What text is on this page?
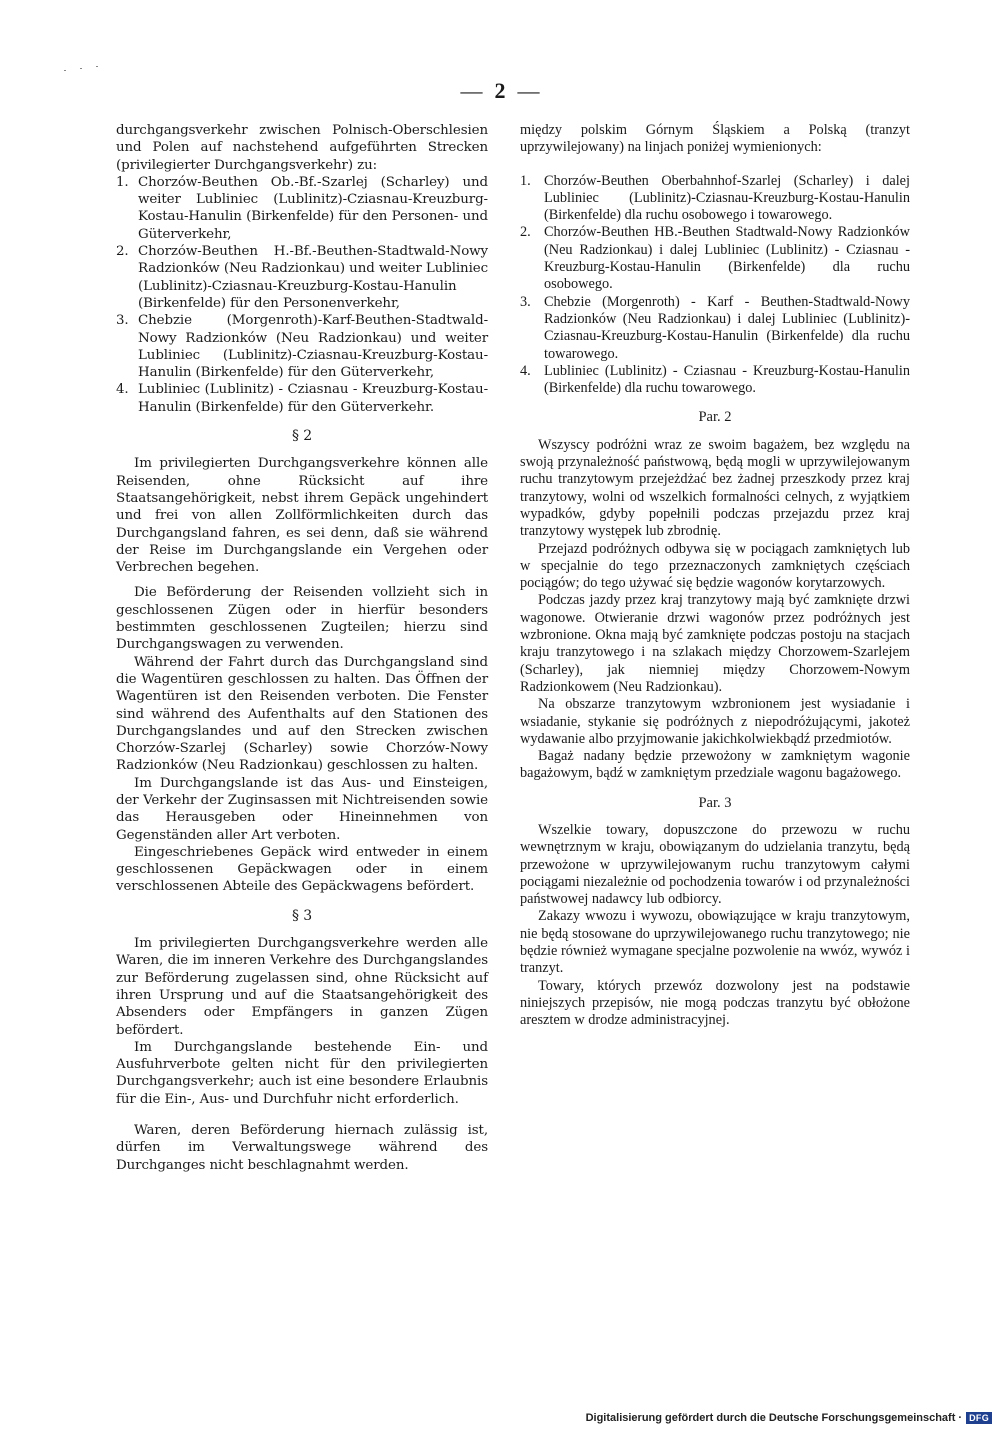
— 2 —

durchgangsverkehr zwischen Polnisch-Oberschlesien und Polen auf nachstehend aufgeführten Strecken (privilegierter Durchgangsverkehr) zu:

1. Chorzów-Beuthen Ob.-Bf.-Szarlej (Scharley) und weiter Lubliniec (Lublinitz)-Cziasnau-Kreuzburg-Kostau-Hanulin (Birkenfelde) für den Personen- und Güterverkehr,
2. Chorzów-Beuthen H.-Bf.-Beuthen-Stadtwald-Nowy Radzionków (Neu Radzionkau) und weiter Lubliniec (Lublinitz)-Cziasnau-Kreuzburg-Kostau-Hanulin (Birkenfelde) für den Personenverkehr,
3. Chebzie (Morgenroth)-Karf-Beuthen-Stadtwald-Nowy Radzionków (Neu Radzionkau) und weiter Lubliniec (Lublinitz)-Cziasnau-Kreuzburg-Kostau-Hanulin (Birkenfelde) für den Güterverkehr,
4. Lubliniec (Lublinitz) - Cziasnau - Kreuzburg-Kostau-Hanulin (Birkenfelde) für den Güterverkehr.
§ 2

Im privilegierten Durchgangsverkehre können alle Reisenden, ohne Rücksicht auf ihre Staatsangehörigkeit, nebst ihrem Gepäck ungehindert und frei von allen Zollförmlichkeiten durch das Durchgangsland fahren, es sei denn, daß sie während der Reise im Durchgangslande ein Vergehen oder Verbrechen begehen.

Die Beförderung der Reisenden vollzieht sich in geschlossenen Zügen oder in hierfür besonders bestimmten geschlossenen Zugteilen; hierzu sind Durchgangswagen zu verwenden.

Während der Fahrt durch das Durchgangsland sind die Wagentüren geschlossen zu halten. Das Öffnen der Wagentüren ist den Reisenden verboten. Die Fenster sind während des Aufenthalts auf den Stationen des Durchgangslandes und auf den Strecken zwischen Chorzów-Szarlej (Scharley) sowie Chorzów-Nowy Radzionków (Neu Radzionkau) geschlossen zu halten.

Im Durchgangslande ist das Aus- und Einsteigen, der Verkehr der Zuginsassen mit Nichtreisenden sowie das Herausgeben oder Hineinnehmen von Gegenständen aller Art verboten.

Eingeschriebenes Gepäck wird entweder in einem geschlossenen Gepäckwagen oder in einem verschlossenen Abteile des Gepäckwagens befördert.

§ 3

Im privilegierten Durchgangsverkehre werden alle Waren, die im inneren Verkehre des Durchgangslandes zur Beförderung zugelassen sind, ohne Rücksicht auf ihren Ursprung und auf die Staatsangehörigkeit des Absenders oder Empfängers in ganzen Zügen befördert.

Im Durchgangslande bestehende Ein- und Ausfuhrverbote gelten nicht für den privilegierten Durchgangsverkehr; auch ist eine besondere Erlaubnis für die Ein-, Aus- und Durchfuhr nicht erforderlich.

Waren, deren Beförderung hiernach zulässig ist, dürfen im Verwaltungswege während des Durchganges nicht beschlagnahmt werden.

między polskim Górnym Śląskiem a Polską (tranzyt uprzywilejowany) na linjach poniżej wymienionych:

1. Chorzów-Beuthen Oberbahnhof-Szarlej (Scharley) i dalej Lubliniec (Lublinitz)-Cziasnau-Kreuzburg-Kostau-Hanulin (Birkenfelde) dla ruchu osobowego i towarowego.
2. Chorzów-Beuthen HB.-Beuthen Stadtwald-Nowy Radzionków (Neu Radzionkau) i dalej Lubliniec (Lublinitz) - Cziasnau - Kreuzburg-Kostau-Hanulin (Birkenfelde) dla ruchu osobowego.
3. Chebzie (Morgenroth) - Karf - Beuthen-Stadtwald-Nowy Radzionków (Neu Radzionkau) i dalej Lubliniec (Lublinitz)-Cziasnau-Kreuzburg-Kostau-Hanulin (Birkenfelde) dla ruchu towarowego.
4. Lubliniec (Lublinitz) - Cziasnau - Kreuzburg-Kostau-Hanulin (Birkenfelde) dla ruchu towarowego.
Par. 2

Wszyscy podróżni wraz ze swoim bagażem, bez względu na swoją przynależność państwową, będą mogli w uprzywilejowanym ruchu tranzytowym przejeżdżać bez żadnej przeszkody przez kraj tranzytowy, wolni od wszelkich formalności celnych, z wyjątkiem wypadków, gdyby popełnili podczas przejazdu przez kraj tranzytowy występek lub zbrodnię.

Przejazd podróżnych odbywa się w pociągach zamkniętych lub w specjalnie do tego przeznaczonych zamkniętych częściach pociągów; do tego używać się będzie wagonów korytarzowych.

Podczas jazdy przez kraj tranzytowy mają być zamknięte drzwi wagonowe. Otwieranie drzwi wagonów przez podróżnych jest wzbronione. Okna mają być zamknięte podczas postoju na stacjach kraju tranzytowego i na szlakach między Chorzowem-Szarlejem (Scharley), jak niemniej między Chorzowem-Nowym Radzionkowem (Neu Radzionkau).

Na obszarze tranzytowym wzbronionem jest wysiadanie i wsiadanie, stykanie się podróżnych z niepodróżującymi, jakoteż wydawanie albo przyjmowanie jakichkolwiekbądź przedmiotów.

Bagaż nadany będzie przewożony w zamkniętym wagonie bagażowym, bądź w zamkniętym przedziale wagonu bagażowego.

Par. 3

Wszelkie towary, dopuszczone do przewozu w ruchu wewnętrznym w kraju, obowiązanym do udzielania tranzytu, będą przewożone w uprzywilejowanym ruchu tranzytowym całymi pociągami niezależnie od pochodzenia towarów i od przynależności państwowej nadawcy lub odbiorcy.

Zakazy wwozu i wywozu, obowiązujące w kraju tranzytowym, nie będą stosowane do uprzywilejowanego ruchu tranzytowego; nie będzie również wymagane specjalne pozwolenie na wwóz, wywóz i tranzyt.

Towary, których przewóz dozwolony jest na podstawie niniejszych przepisów, nie mogą podczas tranzytu być obłożone aresztem w drodze administracyjnej.

Digitalisierung gefördert durch die Deutsche Forschungsgemeinschaft · DFG
